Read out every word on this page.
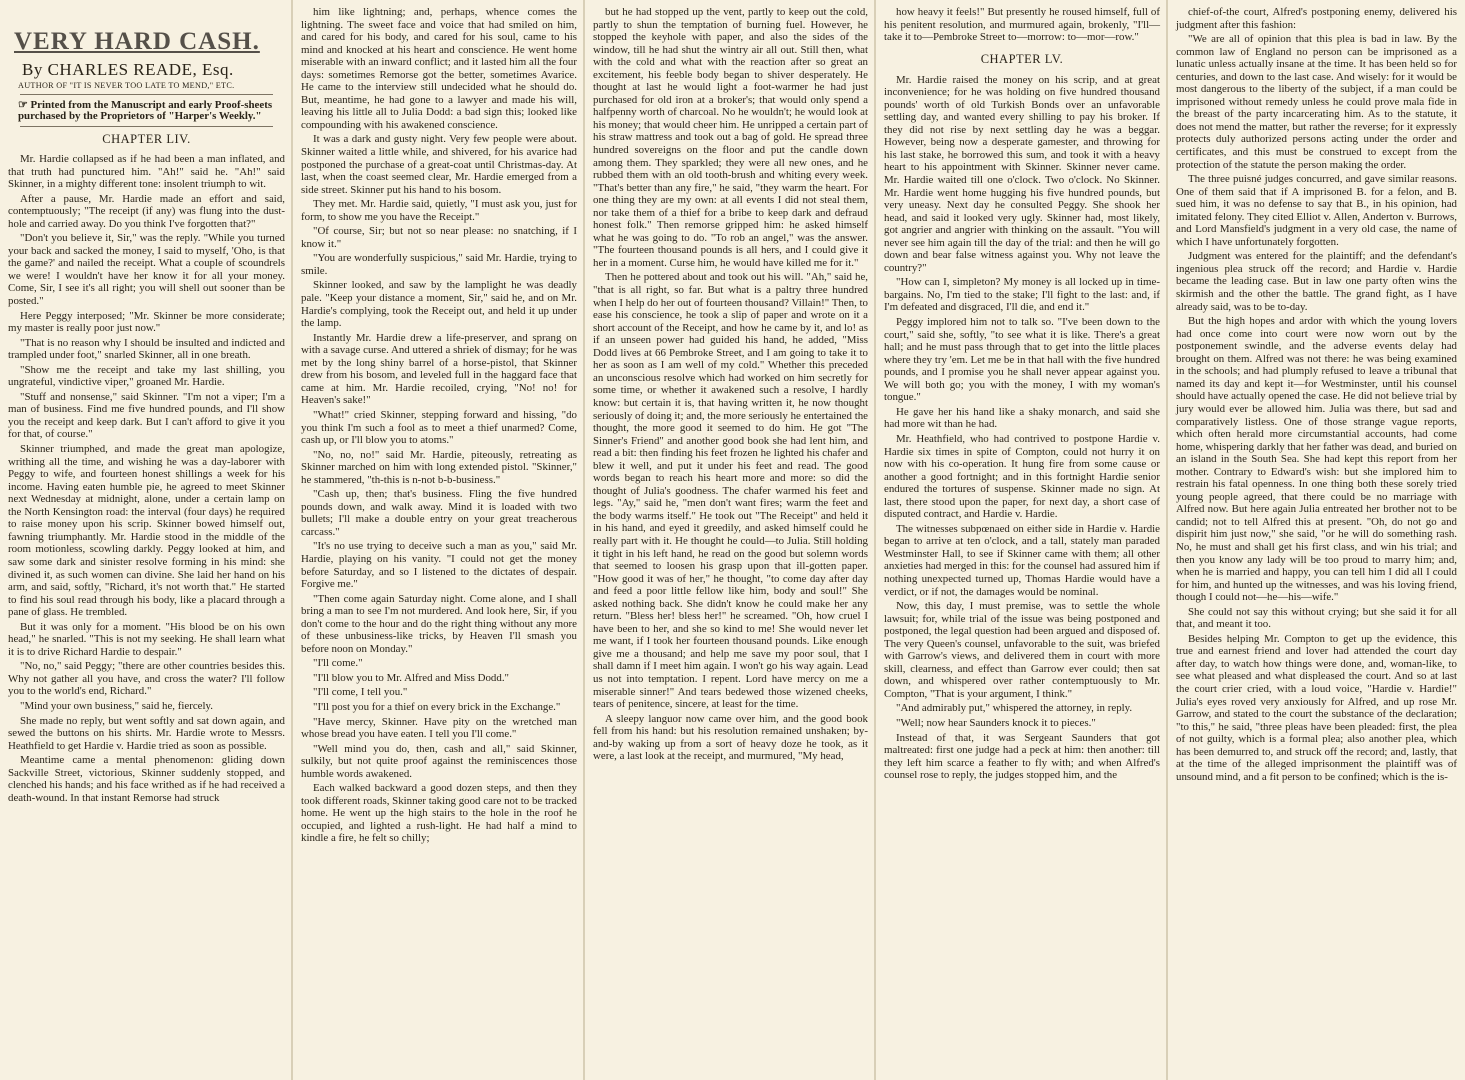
VERY HARD CASH.
By CHARLES READE, Esq.
AUTHOR OF "IT IS NEVER TOO LATE TO MEND," ETC.
☞ Printed from the Manuscript and early Proof-sheets purchased by the Proprietors of "Harper's Weekly."
CHAPTER LIV.

Mr. Hardie collapsed as if he had been a man inflated, and that truth had punctured him. "Ah!" said he. "Ah!" said Skinner, in a mighty different tone: insolent triumph to wit.

After a pause, Mr. Hardie made an effort and said, contemptuously; "The receipt (if any) was flung into the dust-hole and carried away. Do you think I've forgotten that?"

"Don't you believe it, Sir," was the reply. "While you turned your back and sacked the money, I said to myself, 'Oho, is that the game?' and nailed the receipt. What a couple of scoundrels we were! I wouldn't have her know it for all your money. Come, Sir, I see it's all right; you will shell out sooner than be posted."

Here Peggy interposed; "Mr. Skinner be more considerate; my master is really poor just now."

"That is no reason why I should be insulted and indicted and trampled under foot," snarled Skinner, all in one breath.

"Show me the receipt and take my last shilling, you ungrateful, vindictive viper," groaned Mr. Hardie.

"Stuff and nonsense," said Skinner. "I'm not a viper; I'm a man of business. Find me five hundred pounds, and I'll show you the receipt and keep dark. But I can't afford to give it you for that, of course."

Skinner triumphed, and made the great man apologize, writhing all the time, and wishing he was a day-laborer with Peggy to wife, and fourteen honest shillings a week for his income. Having eaten humble pie, he agreed to meet Skinner next Wednesday at midnight, alone, under a certain lamp on the North Kensington road: the interval (four days) he required to raise money upon his scrip. Skinner bowed himself out, fawning triumphantly. Mr. Hardie stood in the middle of the room motionless, scowling darkly. Peggy looked at him, and saw some dark and sinister resolve forming in his mind: she divined it, as such women can divine. She laid her hand on his arm, and said, softly, "Richard, it's not worth that." He started to find his soul read through his body, like a placard through a pane of glass. He trembled.

But it was only for a moment. "His blood be on his own head," he snarled. "This is not my seeking. He shall learn what it is to drive Richard Hardie to despair."

"No, no," said Peggy; "there are other countries besides this. Why not gather all you have, and cross the water? I'll follow you to the world's end, Richard."

"Mind your own business," said he, fiercely.

She made no reply, but went softly and sat down again, and sewed the buttons on his shirts. Mr. Hardie wrote to Messrs. Heathfield to get Hardie v. Hardie tried as soon as possible.

Meantime came a mental phenomenon: gliding down Sackville Street, victorious, Skinner suddenly stopped, and clenched his hands; and his face writhed as if he had received a death-wound. In that instant Remorse had struck

him like lightning; and, perhaps, whence comes the lightning. The sweet face and voice that had smiled on him, and cared for his body, and cared for his soul, came to his mind and knocked at his heart and conscience. He went home miserable with an inward conflict; and it lasted him all the four days: sometimes Remorse got the better, sometimes Avarice. He came to the interview still undecided what he should do. But, meantime, he had gone to a lawyer and made his will, leaving his little all to Julia Dodd: a bad sign this; looked like compounding with his awakened conscience.

It was a dark and gusty night. Very few people were about. Skinner waited a little while, and shivered, for his avarice had postponed the purchase of a great-coat until Christmas-day. At last, when the coast seemed clear, Mr. Hardie emerged from a side street. Skinner put his hand to his bosom.

They met. Mr. Hardie said, quietly, "I must ask you, just for form, to show me you have the Receipt."

"Of course, Sir; but not so near please: no snatching, if I know it."

"You are wonderfully suspicious," said Mr. Hardie, trying to smile.

Skinner looked, and saw by the lamplight he was deadly pale. "Keep your distance a moment, Sir," said he, and on Mr. Hardie's complying, took the Receipt out, and held it up under the lamp.

Instantly Mr. Hardie drew a life-preserver, and sprang on with a savage curse. And uttered a shriek of dismay; for he was met by the long shiny barrel of a horse-pistol, that Skinner drew from his bosom, and leveled full in the haggard face that came at him. Mr. Hardie recoiled, crying, "No! no! for Heaven's sake!"

"What!" cried Skinner, stepping forward and hissing, "do you think I'm such a fool as to meet a thief unarmed? Come, cash up, or I'll blow you to atoms."

"No, no, no!" said Mr. Hardie, piteously, retreating as Skinner marched on him with long extended pistol. "Skinner," he stammered, "th-this is n-not b-b-business."

"Cash up, then; that's business. Fling the five hundred pounds down, and walk away. Mind it is loaded with two bullets; I'll make a double entry on your great treacherous carcass."

"It's no use trying to deceive such a man as you," said Mr. Hardie, playing on his vanity. "I could not get the money before Saturday, and so I listened to the dictates of despair. Forgive me."

"Then come again Saturday night. Come alone, and I shall bring a man to see I'm not murdered. And look here, Sir, if you don't come to the hour and do the right thing without any more of these unbusiness-like tricks, by Heaven I'll smash you before noon on Monday."

"I'll come."

"I'll blow you to Mr. Alfred and Miss Dodd."

"I'll come, I tell you."

"I'll post you for a thief on every brick in the Exchange."

"Have mercy, Skinner. Have pity on the wretched man whose bread you have eaten. I tell you I'll come."

"Well mind you do, then, cash and all," said Skinner, sulkily, but not quite proof against the reminiscences those humble words awakened.

Each walked backward a good dozen steps, and then they took different roads, Skinner taking good care not to be tracked home. He went up the high stairs to the hole in the roof he occupied, and lighted a rush-light. He had half a mind to kindle a fire, he felt so chilly;

but he had stopped up the vent, partly to keep out the cold, partly to shun the temptation of burning fuel. However, he stopped the keyhole with paper, and also the sides of the window, till he had shut the wintry air all out. Still then, what with the cold and what with the reaction after so great an excitement, his feeble body began to shiver desperately. He thought at last he would light a foot-warmer he had just purchased for old iron at a broker's; that would only spend a halfpenny worth of charcoal. No he wouldn't; he would look at his money; that would cheer him. He unripped a certain part of his straw mattress and took out a bag of gold. He spread three hundred sovereigns on the floor and put the candle down among them. They sparkled; they were all new ones, and he rubbed them with an old tooth-brush and whiting every week. "That's better than any fire," he said, "they warm the heart. For one thing they are my own: at all events I did not steal them, nor take them of a thief for a bribe to keep dark and defraud honest folk." Then remorse gripped him: he asked himself what he was going to do. "To rob an angel," was the answer. "The fourteen thousand pounds is all hers, and I could give it her in a moment. Curse him, he would have killed me for it."

Then he pottered about and took out his will. "Ah," said he, "that is all right, so far. But what is a paltry three hundred when I help do her out of fourteen thousand? Villain!" Then, to ease his conscience, he took a slip of paper and wrote on it a short account of the Receipt, and how he came by it, and lo! as if an unseen power had guided his hand, he added, "Miss Dodd lives at 66 Pembroke Street, and I am going to take it to her as soon as I am well of my cold." Whether this preceded an unconscious resolve which had worked on him secretly for some time, or whether it awakened such a resolve, I hardly know: but certain it is, that having written it, he now thought seriously of doing it; and, the more seriously he entertained the thought, the more good it seemed to do him. He got "The Sinner's Friend" and another good book she had lent him, and read a bit: then finding his feet frozen he lighted his chafer and blew it well, and put it under his feet and read. The good words began to reach his heart more and more: so did the thought of Julia's goodness. The chafer warmed his feet and legs. "Ay," said he, "men don't want fires; warm the feet and the body warms itself." He took out "The Receipt" and held it in his hand, and eyed it greedily, and asked himself could he really part with it. He thought he could—to Julia. Still holding it tight in his left hand, he read on the good but solemn words that seemed to loosen his grasp upon that ill-gotten paper. "How good it was of her," he thought, "to come day after day and feed a poor little fellow like him, body and soul!" She asked nothing back. She didn't know he could make her any return. "Bless her! bless her!" he screamed. "Oh, how cruel I have been to her, and she so kind to me! She would never let me want, if I took her fourteen thousand pounds. Like enough give me a thousand; and help me save my poor soul, that I shall damn if I meet him again. I won't go his way again. Lead us not into temptation. I repent. Lord have mercy on me a miserable sinner!" And tears bedewed those wizened cheeks, tears of penitence, sincere, at least for the time.

A sleepy languor now came over him, and the good book fell from his hand: but his resolution remained unshaken; by-and-by waking up from a sort of heavy doze he took, as it were, a last look at the receipt, and murmured, "My head,

how heavy it feels!" But presently he roused himself, full of his penitent resolution, and murmured again, brokenly, "I'll—take it to—Pembroke Street to—morrow: to—mor—row."

CHAPTER LV.

Mr. Hardie raised the money on his scrip, and at great inconvenience; for he was holding on five hundred thousand pounds' worth of old Turkish Bonds over an unfavorable settling day, and wanted every shilling to pay his broker. If they did not rise by next settling day he was a beggar. However, being now a desperate gamester, and throwing for his last stake, he borrowed this sum, and took it with a heavy heart to his appointment with Skinner. Skinner never came. Mr. Hardie waited till one o'clock. Two o'clock. No Skinner. Mr. Hardie went home hugging his five hundred pounds, but very uneasy. Next day he consulted Peggy. She shook her head, and said it looked very ugly. Skinner had, most likely, got angrier and angrier with thinking on the assault. "You will never see him again till the day of the trial: and then he will go down and bear false witness against you. Why not leave the country?"

"How can I, simpleton? My money is all locked up in time-bargains. No, I'm tied to the stake; I'll fight to the last: and, if I'm defeated and disgraced, I'll die, and end it."

Peggy implored him not to talk so. "I've been down to the court," said she, softly, "to see what it is like. There's a great hall; and he must pass through that to get into the little places where they try 'em. Let me be in that hall with the five hundred pounds, and I promise you he shall never appear against you. We will both go; you with the money, I with my woman's tongue."

He gave her his hand like a shaky monarch, and said she had more wit than he had.

Mr. Heathfield, who had contrived to postpone Hardie v. Hardie six times in spite of Compton, could not hurry it on now with his co-operation. It hung fire from some cause or another a good fortnight; and in this fortnight Hardie senior endured the tortures of suspense. Skinner made no sign. At last, there stood upon the paper, for next day, a short case of disputed contract, and Hardie v. Hardie.

The witnesses subpœnaed on either side in Hardie v. Hardie began to arrive at ten o'clock, and a tall, stately man paraded Westminster Hall, to see if Skinner came with them; all other anxieties had merged in this: for the counsel had assured him if nothing unexpected turned up, Thomas Hardie would have a verdict, or if not, the damages would be nominal.

Now, this day, I must premise, was to settle the whole lawsuit; for, while trial of the issue was being postponed and postponed, the legal question had been argued and disposed of. The very Queen's counsel, unfavorable to the suit, was briefed with Garrow's views, and delivered them in court with more skill, clearness, and effect than Garrow ever could; then sat down, and whispered over rather contemptuously to Mr. Compton, "That is your argument, I think."

"And admirably put," whispered the attorney, in reply.

"Well; now hear Saunders knock it to pieces."

Instead of that, it was Sergeant Saunders that got maltreated: first one judge had a peck at him: then another: till they left him scarce a feather to fly with; and when Alfred's counsel rose to reply, the judges stopped him, and the

chief-of-the court, Alfred's postponing enemy, delivered his judgment after this fashion:

"We are all of opinion that this plea is bad in law. By the common law of England no person can be imprisoned as a lunatic unless actually insane at the time. It has been held so for centuries, and down to the last case. And wisely: for it would be most dangerous to the liberty of the subject, if a man could be imprisoned without remedy unless he could prove mala fide in the breast of the party incarcerating him. As to the statute, it does not mend the matter, but rather the reverse; for it expressly protects duly authorized persons acting under the order and certificates, and this must be construed to except from the protection of the statute the person making the order.

The three puisné judges concurred, and gave similar reasons. One of them said that if A imprisoned B. for a felon, and B. sued him, it was no defense to say that B., in his opinion, had imitated felony. They cited Elliot v. Allen, Anderton v. Burrows, and Lord Mansfield's judgment in a very old case, the name of which I have unfortunately forgotten.

Judgment was entered for the plaintiff; and the defendant's ingenious plea struck off the record; and Hardie v. Hardie became the leading case. But in law one party often wins the skirmish and the other the battle. The grand fight, as I have already said, was to be to-day.

But the high hopes and ardor with which the young lovers had once come into court were now worn out by the postponement swindle, and the adverse events delay had brought on them. Alfred was not there: he was being examined in the schools; and had plumply refused to leave a tribunal that named its day and kept it—for Westminster, until his counsel should have actually opened the case. He did not believe trial by jury would ever be allowed him. Julia was there, but sad and comparatively listless. One of those strange vague reports, which often herald more circumstantial accounts, had come home, whispering darkly that her father was dead, and buried on an island in the South Sea. She had kept this report from her mother. Contrary to Edward's wish: but she implored him to restrain his fatal openness. In one thing both these sorely tried young people agreed, that there could be no marriage with Alfred now. But here again Julia entreated her brother not to be candid; not to tell Alfred this at present. "Oh, do not go and dispirit him just now," she said, "or he will do something rash. No, he must and shall get his first class, and win his trial; and then you know any lady will be too proud to marry him; and, when he is married and happy, you can tell him I did all I could for him, and hunted up the witnesses, and was his loving friend, though I could not—he—his—wife."

She could not say this without crying; but she said it for all that, and meant it too.

Besides helping Mr. Compton to get up the evidence, this true and earnest friend and lover had attended the court day after day, to watch how things were done, and, woman-like, to see what pleased and what displeased the court. And so at last the court crier cried, with a loud voice, "Hardie v. Hardie!" Julia's eyes roved very anxiously for Alfred, and up rose Mr. Garrow, and stated to the court the substance of the declaration; "to this," he said, "three pleas have been pleaded: first, the plea of not guilty, which is a formal plea; also another plea, which has been demurred to, and struck off the record; and, lastly, that at the time of the alleged imprisonment the plaintiff was of unsound mind, and a fit person to be confined; which is the is-
